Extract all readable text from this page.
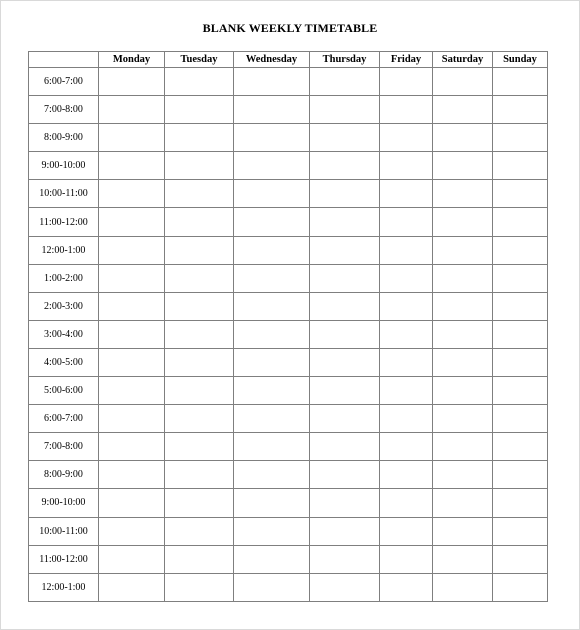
BLANK WEEKLY TIMETABLE
	Monday	Tuesday	Wednesday	Thursday	Friday	Saturday	Sunday
6:00-7:00							
7:00-8:00							
8:00-9:00							
9:00-10:00							
10:00-11:00							
11:00-12:00							
12:00-1:00							
1:00-2:00							
2:00-3:00							
3:00-4:00							
4:00-5:00							
5:00-6:00							
6:00-7:00							
7:00-8:00							
8:00-9:00							
9:00-10:00							
10:00-11:00							
11:00-12:00							
12:00-1:00							
